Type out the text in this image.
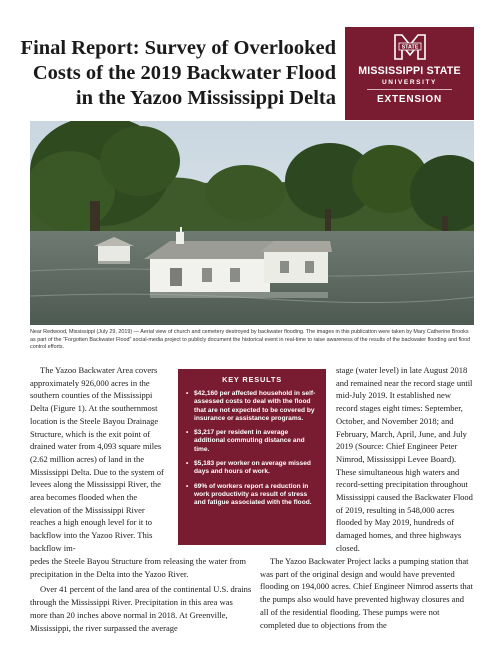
Final Report: Survey of Overlooked
Costs of the 2019 Backwater Flood
in the Yazoo Mississippi Delta
STATE
MISSISSIPPI STATE
UNIVERSITY
EXTENSION
Near Redwood, Mississippi (July 29, 2019) — Aerial view of church and cemetery destroyed by backwater flooding. The images in this publication were taken by Mary Catherine Brooks as part of the “Forgotten Backwater Flood” social-media project to publicly document the historical event in real-time to raise awareness of the results of the backwater flooding and flood control efforts.

The Yazoo Backwater Area covers approximately 926,000 acres in the southern counties of the Mississippi Delta (Figure 1). At the southernmost location is the Steele Bayou Drainage Structure, which is the exit point of drained water from 4,093 square miles (2.62 million acres) of land in the Mississippi Delta. Due to the system of levees along the Mississippi River, the area becomes flooded when the elevation of the Mississippi River reaches a high enough level for it to backflow into the Yazoo River. This backflow im-

KEY RESULTS
• $42,160 per affected household in self-assessed costs to deal with the flood that are not expected to be covered by insurance or assistance programs.
• $3,217 per resident in average additional commuting distance and time.
• $5,183 per worker on average missed days and hours of work.
• 69% of workers report a reduction in work productivity as result of stress and fatigue associated with the flood.
pedes the Steele Bayou Structure from releasing the water from precipitation in the Delta into the Yazoo River.

Over 41 percent of the land area of the continental U.S. drains through the Mississippi River. Precipitation in this area was more than 20 inches above normal in 2018. At Greenville, Mississippi, the river surpassed the average

stage (water level) in late August 2018 and remained near the record stage until mid-July 2019. It established new record stages eight times: September, October, and November 2018; and February, March, April, June, and July 2019 (Source: Chief Engineer Peter Nimrod, Mississippi Levee Board). These simultaneous high waters and record-setting precipitation throughout Mississippi caused the Backwater Flood of 2019, resulting in 548,000 acres flooded by May 2019, hundreds of damaged homes, and three highways closed.

The Yazoo Backwater Project lacks a pumping station that was part of the original design and would have prevented flooding on 194,000 acres. Chief Engineer Nimrod asserts that the pumps also would have prevented highway closures and all of the residential flooding. These pumps were not completed due to objections from the
